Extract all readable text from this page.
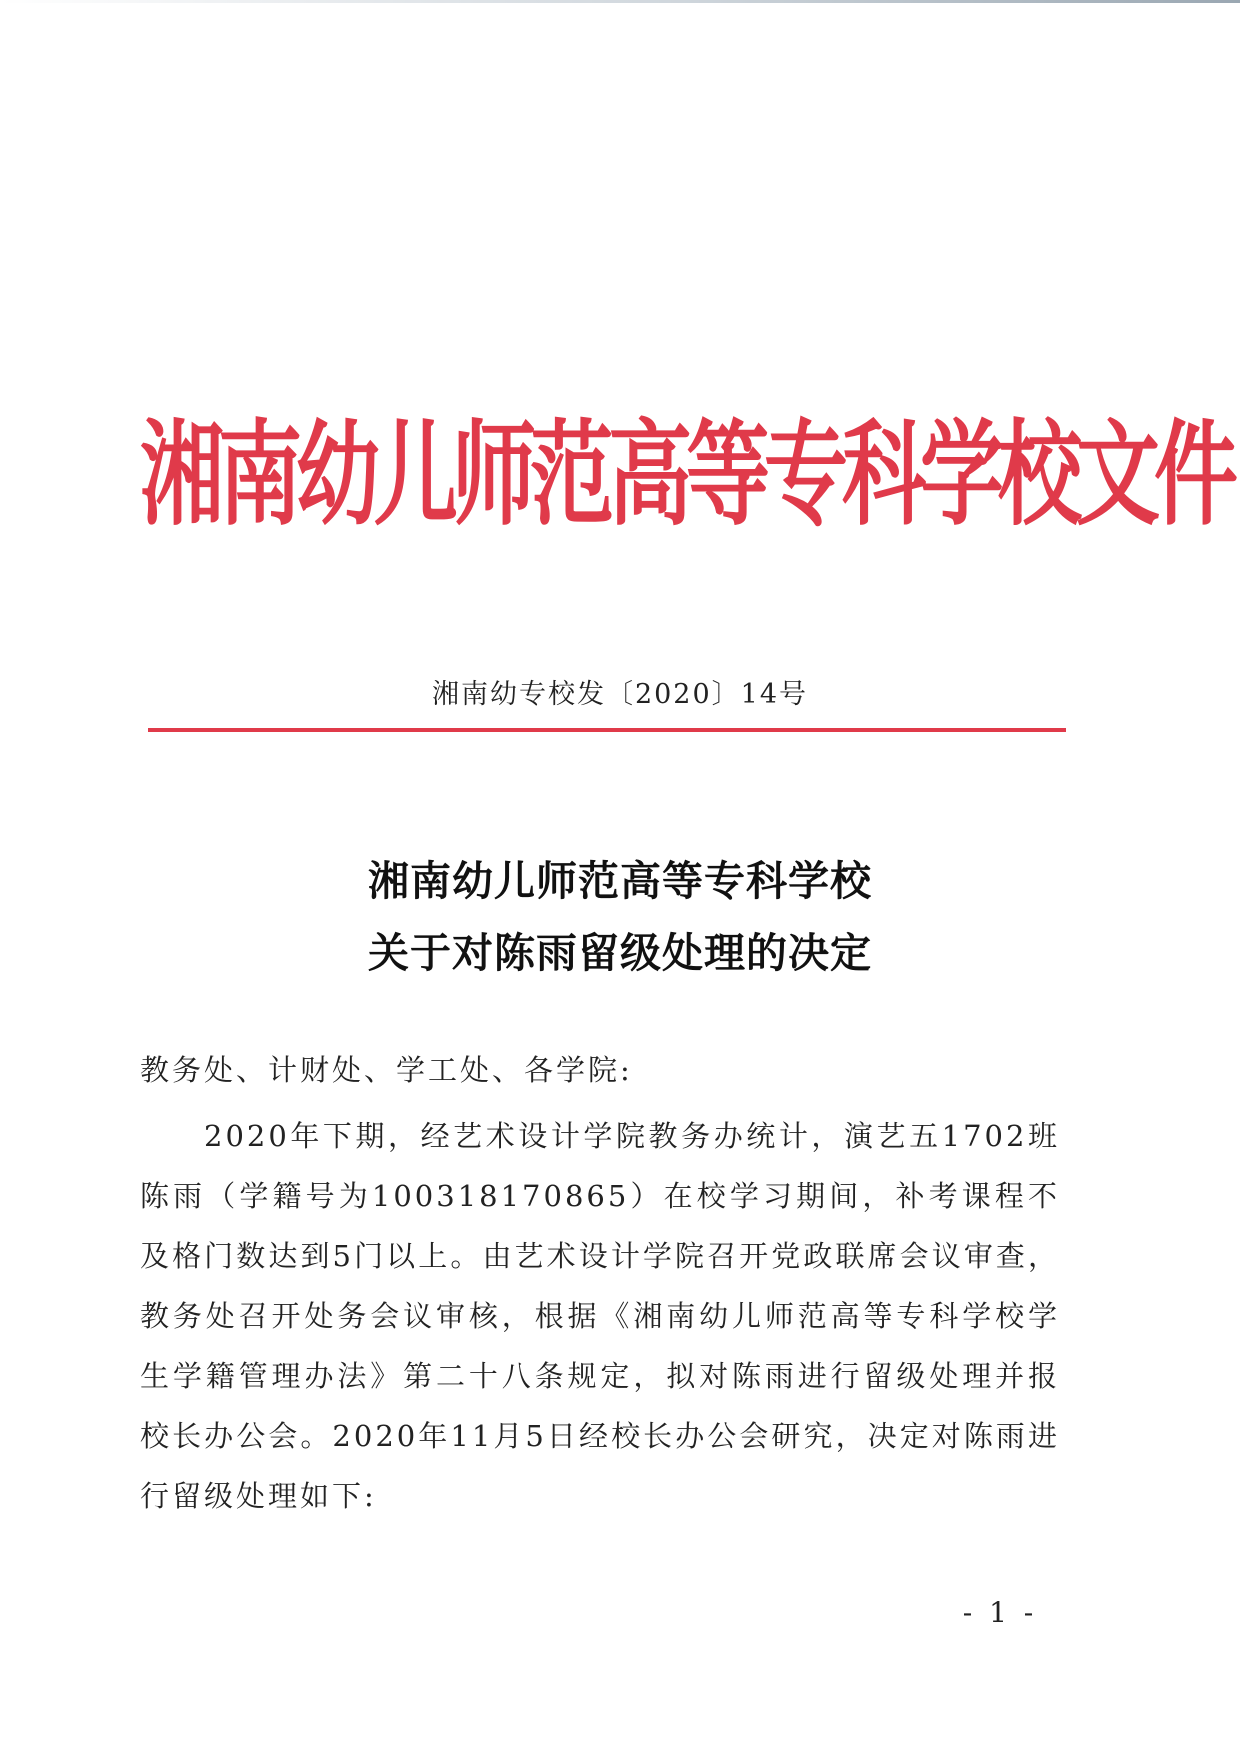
湘南幼儿师范高等专科学校文件
湘南幼专校发〔2020〕14号
湘南幼儿师范高等专科学校
关于对陈雨留级处理的决定
教务处、计财处、学工处、各学院:
2020年下期，经艺术设计学院教务办统计，演艺五1702班陈雨（学籍号为100318170865）在校学习期间，补考课程不及格门数达到5门以上。由艺术设计学院召开党政联席会议审查，教务处召开处务会议审核，根据《湘南幼儿师范高等专科学校学生学籍管理办法》第二十八条规定，拟对陈雨进行留级处理并报校长办公会。2020年11月5日经校长办公会研究，决定对陈雨进行留级处理如下:
- 1 -
